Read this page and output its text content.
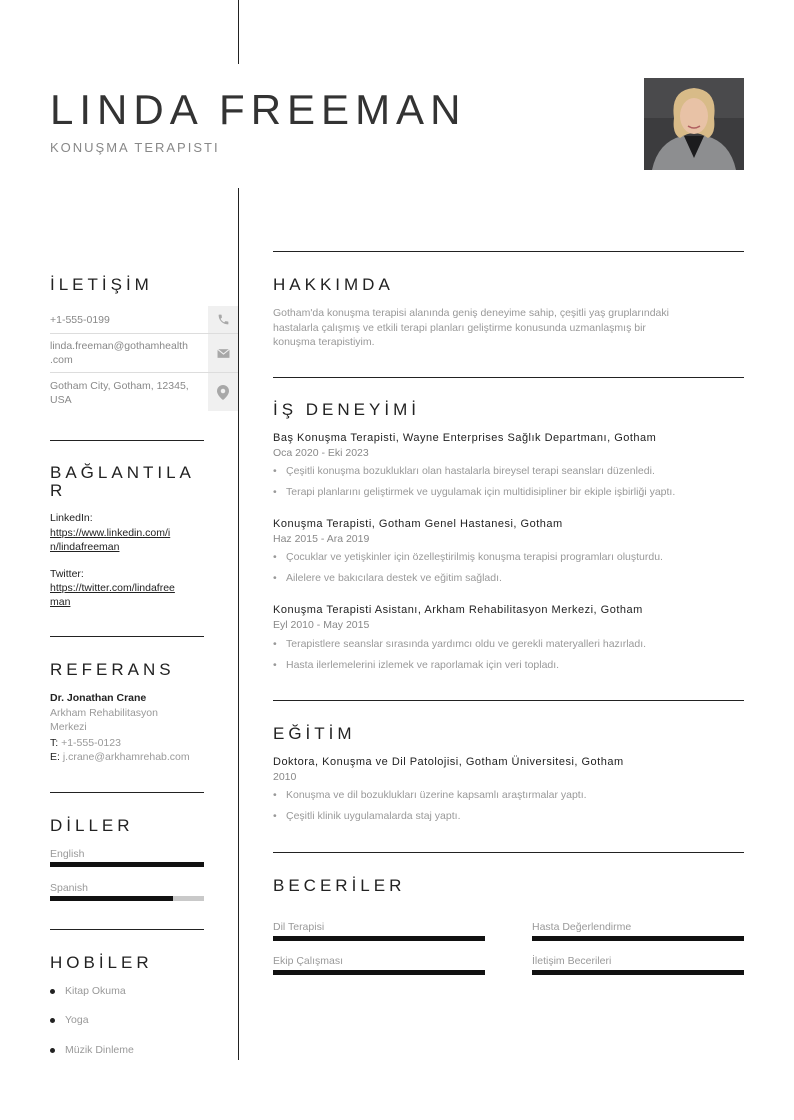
LINDA FREEMAN
KONUŞMA TERAPISTI
İLETİŞİM
+1-555-0199
linda.freeman@gothamhealth
.com
Gotham City, Gotham, 12345,
USA
BAĞLANTILA
R
LinkedIn:
https://www.linkedin.com/i
n/lindafreeman
Twitter:
https://twitter.com/lindafree
man
REFERANS
Dr. Jonathan Crane
Arkham Rehabilitasyon
Merkezi
T: +1-555-0123
E: j.crane@arkhamrehab.com
DİLLER
English
Spanish
HOBİLER
Kitap Okuma
Yoga
Müzik Dinleme
HAKKIMDA
Gotham'da konuşma terapisi alanında geniş deneyime sahip, çeşitli yaş gruplarındaki
hastalarla çalışmış ve etkili terapi planları geliştirme konusunda uzmanlaşmış bir
konuşma terapistiyim.
İŞ DENEYİMİ
Baş Konuşma Terapisti, Wayne Enterprises Sağlık Departmanı, Gotham
Oca 2020 - Eki 2023
• Çeşitli konuşma bozuklukları olan hastalarla bireysel terapi seansları düzenledi.
• Terapi planlarını geliştirmek ve uygulamak için multidisipliner bir ekiple işbirliği yaptı.
Konuşma Terapisti, Gotham Genel Hastanesi, Gotham
Haz 2015 - Ara 2019
• Çocuklar ve yetişkinler için özelleştirilmiş konuşma terapisi programları oluşturdu.
• Ailelere ve bakıcılara destek ve eğitim sağladı.
Konuşma Terapisti Asistanı, Arkham Rehabilitasyon Merkezi, Gotham
Eyl 2010 - May 2015
• Terapistlere seanslar sırasında yardımcı oldu ve gerekli materyalleri hazırladı.
• Hasta ilerlemelerini izlemek ve raporlamak için veri topladı.
EĞİTİM
Doktora, Konuşma ve Dil Patolojisi, Gotham Üniversitesi, Gotham
2010
• Konuşma ve dil bozuklukları üzerine kapsamlı araştırmalar yaptı.
• Çeşitli klinik uygulamalarda staj yaptı.
BECERİLER
Dil Terapisi	Hasta Değerlendirme
Ekip Çalışması	İletişim Becerileri
